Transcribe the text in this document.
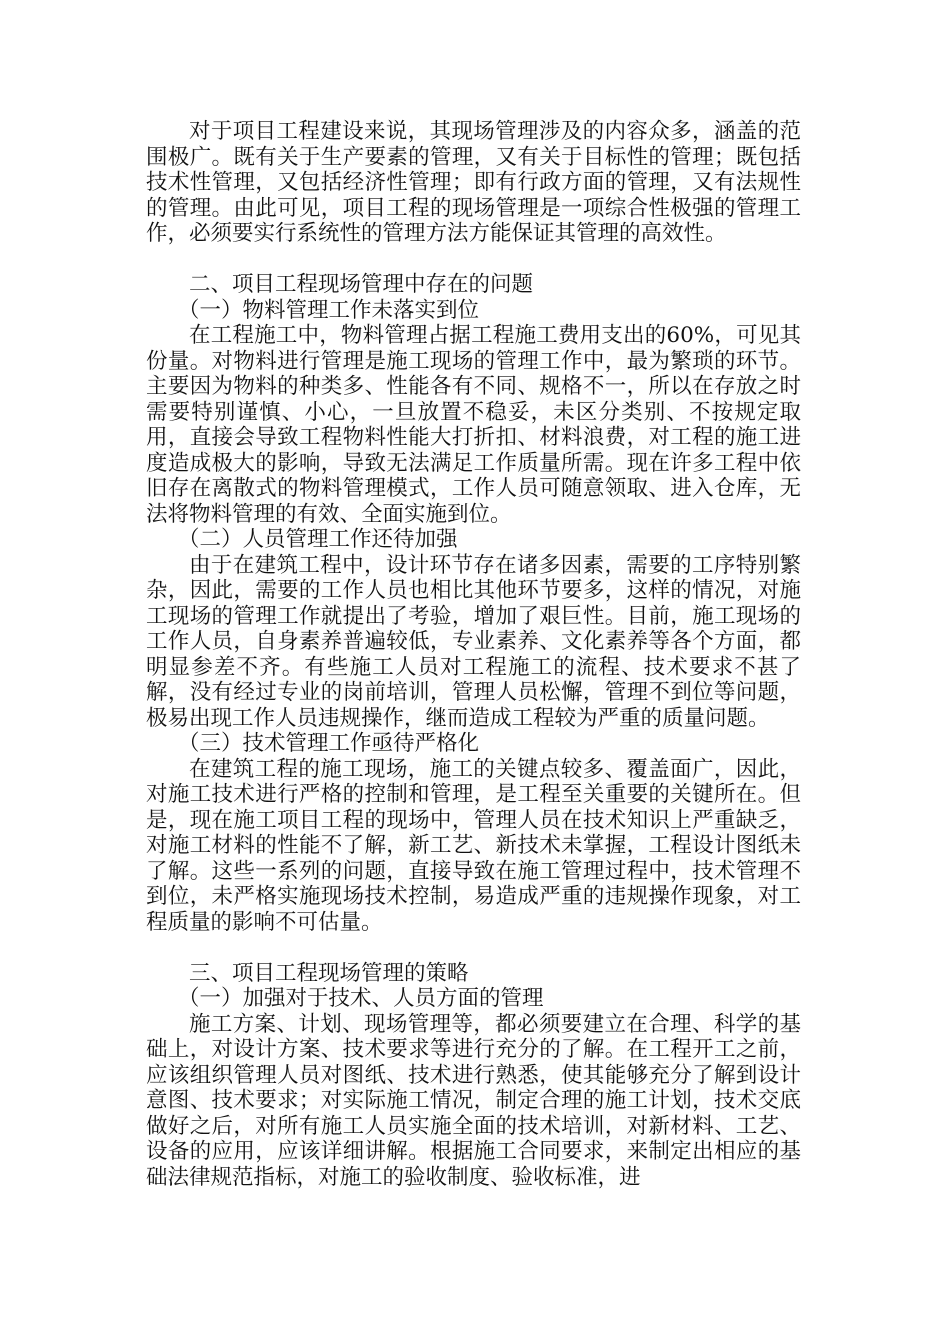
对于项目工程建设来说，其现场管理涉及的内容众多，涵盖的范围极广。既有关于生产要素的管理，又有关于目标性的管理；既包括技术性管理，又包括经济性管理；即有行政方面的管理，又有法规性的管理。由此可见，项目工程的现场管理是一项综合性极强的管理工作，必须要实行系统性的管理方法方能保证其管理的高效性。

二、项目工程现场管理中存在的问题

（一）物料管理工作未落实到位

在工程施工中，物料管理占据工程施工费用支出的60%，可见其份量。对物料进行管理是施工现场的管理工作中，最为繁琐的环节。主要因为物料的种类多、性能各有不同、规格不一，所以在存放之时需要特别谨慎、小心，一旦放置不稳妥，未区分类别、不按规定取用，直接会导致工程物料性能大打折扣、材料浪费，对工程的施工进度造成极大的影响，导致无法满足工作质量所需。现在许多工程中依旧存在离散式的物料管理模式，工作人员可随意领取、进入仓库，无法将物料管理的有效、全面实施到位。

（二）人员管理工作还待加强

由于在建筑工程中，设计环节存在诸多因素，需要的工序特别繁杂，因此，需要的工作人员也相比其他环节要多，这样的情况，对施工现场的管理工作就提出了考验，增加了艰巨性。目前，施工现场的工作人员，自身素养普遍较低，专业素养、文化素养等各个方面，都明显参差不齐。有些施工人员对工程施工的流程、技术要求不甚了解，没有经过专业的岗前培训，管理人员松懈，管理不到位等问题，极易出现工作人员违规操作，继而造成工程较为严重的质量问题。

（三）技术管理工作亟待严格化

在建筑工程的施工现场，施工的关键点较多、覆盖面广，因此，对施工技术进行严格的控制和管理，是工程至关重要的关键所在。但是，现在施工项目工程的现场中，管理人员在技术知识上严重缺乏，对施工材料的性能不了解，新工艺、新技术未掌握，工程设计图纸未了解。这些一系列的问题，直接导致在施工管理过程中，技术管理不到位，未严格实施现场技术控制，易造成严重的违规操作现象，对工程质量的影响不可估量。

三、项目工程现场管理的策略

（一）加强对于技术、人员方面的管理

施工方案、计划、现场管理等，都必须要建立在合理、科学的基础上，对设计方案、技术要求等进行充分的了解。在工程开工之前，应该组织管理人员对图纸、技术进行熟悉，使其能够充分了解到设计意图、技术要求；对实际施工情况，制定合理的施工计划，技术交底做好之后，对所有施工人员实施全面的技术培训，对新材料、工艺、设备的应用，应该详细讲解。根据施工合同要求，来制定出相应的基础法律规范指标，对施工的验收制度、验收标准，进
